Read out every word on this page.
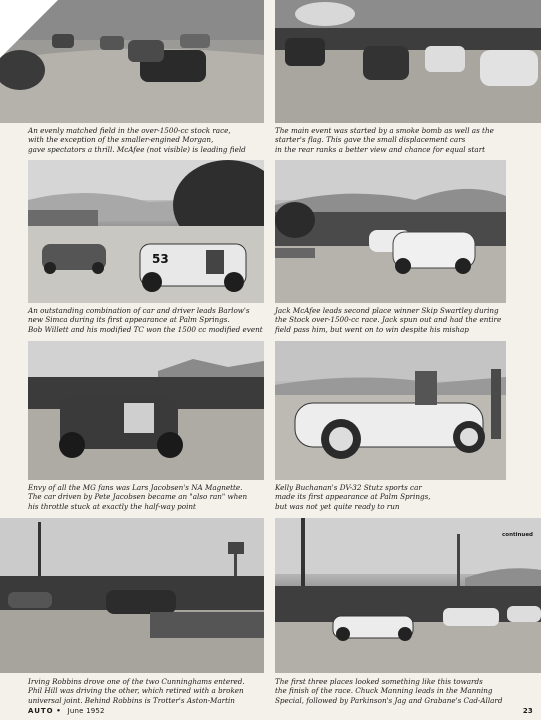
An evenly matched field in the over-1500-cc stock race,
with the exception of the smaller-engined Morgan,
gave spectators a thrill. McAfee (not visible) is leading field

The main event was started by a smoke bomb as well as the
starter's flag. This gave the small displacement cars
in the rear ranks a better view and chance for equal start

53

An outstanding combination of car and driver leads Barlow's
new Simca during its first appearance at Palm Springs.
Bob Willett and his modified TC won the 1500 cc modified event

Jack McAfee leads second place winner Skip Swartley during
the Stock over-1500-cc race. Jack spun out and had the entire
field pass him, but went on to win despite his mishap

Envy of all the MG fans was Lars Jacobsen's NA Magnette.
The car driven by Pete Jacobsen became an "also ran" when
his throttle stuck at exactly the half-way point

Kelly Buchanan's DV-32 Stutz sports car
made its first appearance at Palm Springs,
but was not yet quite ready to run

continued

Irving Robbins drove one of the two Cunninghams entered.
Phil Hill was driving the other, which retired with a broken
universal joint. Behind Robbins is Trotter's Aston-Martin

The first three places looked something like this towards
the finish of the race. Chuck Manning leads in the Manning
Special, followed by Parkinson's Jag and Grabane's Cad-Allard

AUTO • June 1952	23
